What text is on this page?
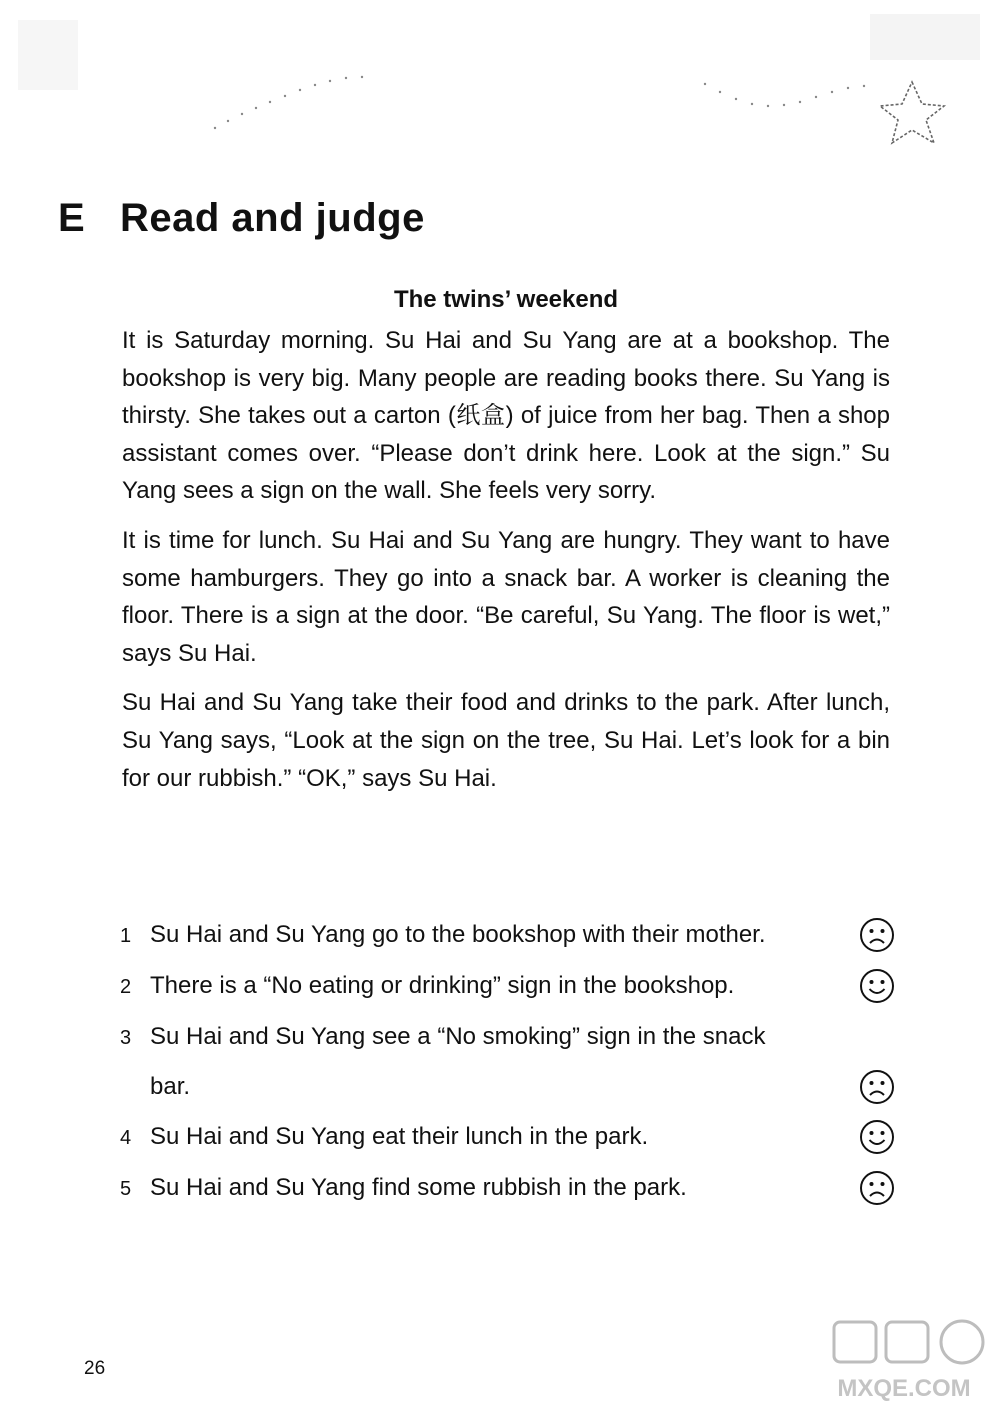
E Read and judge
The twins’ weekend

It is Saturday morning. Su Hai and Su Yang are at a bookshop. The bookshop is very big. Many people are reading books there. Su Yang is thirsty. She takes out a carton (纸盒) of juice from her bag. Then a shop assistant comes over. “Please don’t drink here. Look at the sign.” Su Yang sees a sign on the wall. She feels very sorry.

It is time for lunch. Su Hai and Su Yang are hungry. They want to have some hamburgers. They go into a snack bar. A worker is cleaning the floor. There is a sign at the door. “Be careful, Su Yang. The floor is wet,” says Su Hai.

Su Hai and Su Yang take their food and drinks to the park. After lunch, Su Yang says, “Look at the sign on the tree, Su Hai. Let’s look for a bin for our rubbish.” “OK,” says Su Hai.

1 Su Hai and Su Yang go to the bookshop with their mother.
2 There is a “No eating or drinking” sign in the bookshop.
3 Su Hai and Su Yang see a “No smoking” sign in the snack bar.
4 Su Hai and Su Yang eat their lunch in the park.
5 Su Hai and Su Yang find some rubbish in the park.

26

MXQE.COM
